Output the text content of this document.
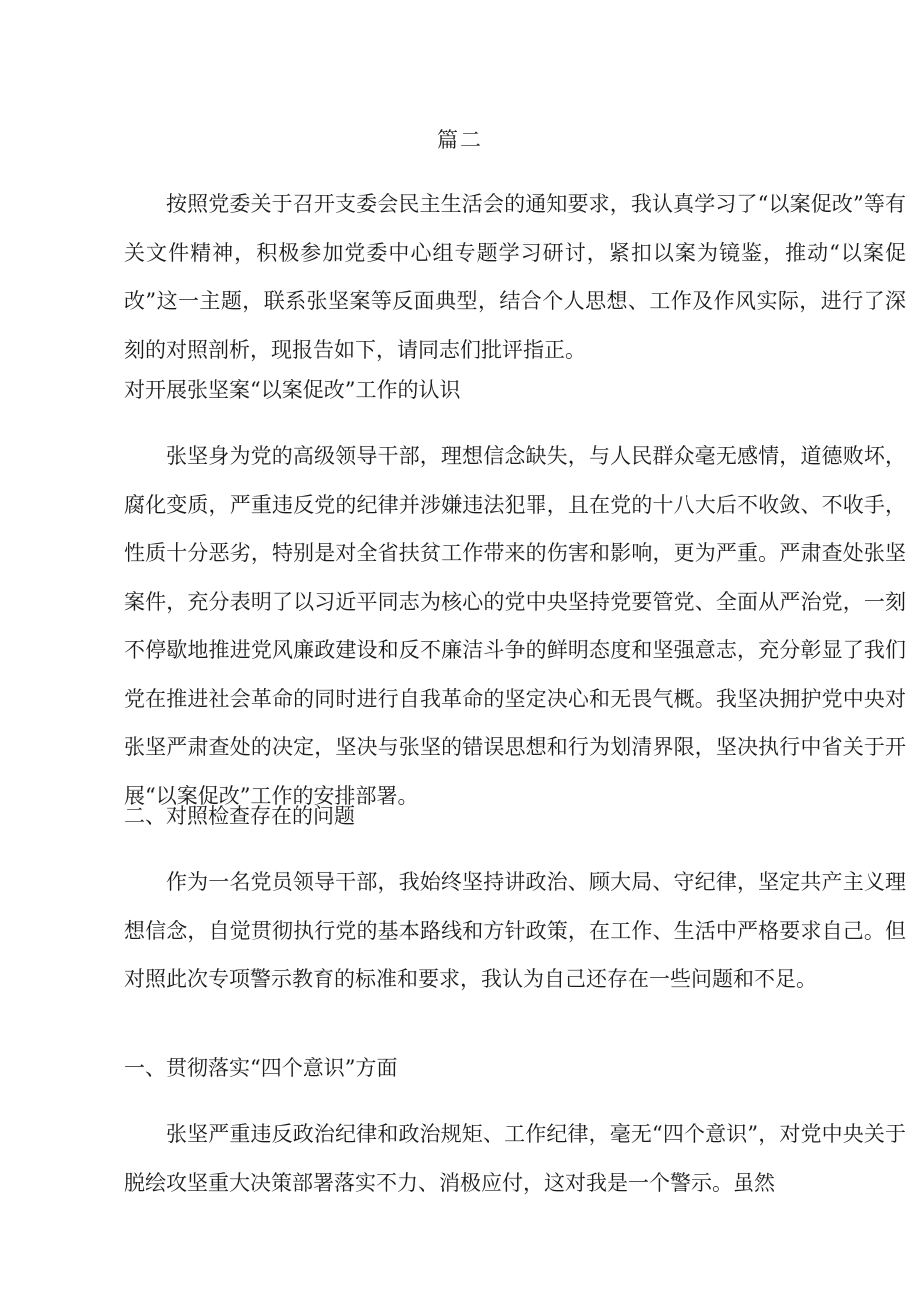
篇二

按照党委关于召开支委会民主生活会的通知要求，我认真学习了“以案促改”等有关文件精神，积极参加党委中心组专题学习研讨，紧扣以案为镜鉴，推动“以案促改”这一主题，联系张坚案等反面典型，结合个人思想、工作及作风实际，进行了深刻的对照剖析，现报告如下，请同志们批评指正。

对开展张坚案“以案促改”工作的认识

张坚身为党的高级领导干部，理想信念缺失，与人民群众毫无感情，道德败坏，腐化变质，严重违反党的纪律并涉嫌违法犯罪，且在党的十八大后不收敛、不收手，性质十分恶劣，特别是对全省扶贫工作带来的伤害和影响，更为严重。严肃查处张坚案件，充分表明了以习近平同志为核心的党中央坚持党要管党、全面从严治党，一刻不停歇地推进党风廉政建设和反不廉洁斗争的鲜明态度和坚强意志，充分彰显了我们党在推进社会革命的同时进行自我革命的坚定决心和无畏气概。我坚决拥护党中央对张坚严肃查处的决定，坚决与张坚的错误思想和行为划清界限，坚决执行中省关于开展“以案促改”工作的安排部署。

二、对照检查存在的问题

作为一名党员领导干部，我始终坚持讲政治、顾大局、守纪律，坚定共产主义理想信念，自觉贯彻执行党的基本路线和方针政策，在工作、生活中严格要求自己。但对照此次专项警示教育的标准和要求，我认为自己还存在一些问题和不足。

一、贯彻落实“四个意识”方面

张坚严重违反政治纪律和政治规矩、工作纪律，毫无“四个意识”，对党中央关于脱绘攻坚重大决策部署落实不力、消极应付，这对我是一个警示。虽然
